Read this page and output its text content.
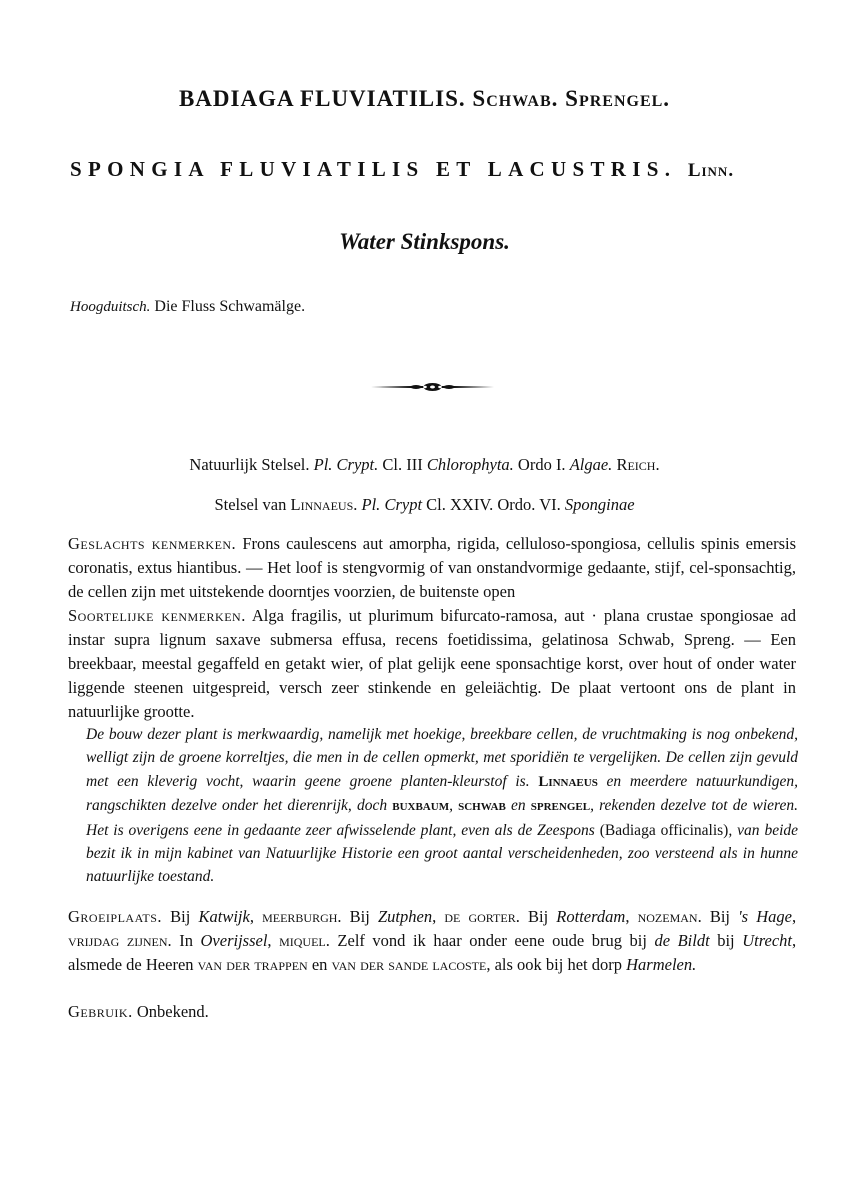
BADIAGA FLUVIATILIS. Schwab. Sprengel.
SPONGIA FLUVIATILIS ET LACUSTRIS. Linn.
Water Stinkspons.
Hoogduitsch. Die Fluss Schwamälge.
Natuurlijk Stelsel. Pl. Crypt. Cl. III Chlorophyta. Ordo I. Algae. Reich.
Stelsel van Linnaeus. Pl. Crypt Cl. XXIV. Ordo. VI. Sponginae
Geslachts kenmerken. Frons caulescens aut amorpha, rigida, celluloso-spongiosa, cellulis spinis emersis coronatis, extus hiantibus. — Het loof is stengvormig of van onstandvormige gedaante, stijf, cel-sponsachtig, de cellen zijn met uitstekende doorntjes voorzien, de buitenste open
Soortelijke kenmerken. Alga fragilis, ut plurimum bifurcato-ramosa, aut · plana crustae spongiosae ad instar supra lignum saxave submersa effusa, recens foetidissima, gelatinosa Schwab, Spreng. — Een breekbaar, meestal gegaffeld en getakt wier, of plat gelijk eene sponsachtige korst, over hout of onder water liggende steenen uitgespreid, versch zeer stinkende en geleiächtig. De plaat vertoont ons de plant in natuurlijke grootte.
De bouw dezer plant is merkwaardig, namelijk met hoekige, breekbare cellen, de vruchtmaking is nog onbekend, welligt zijn de groene korreltjes, die men in de cellen opmerkt, met sporidiën te vergelijken. De cellen zijn gevuld met een kleverig vocht, waarin geene groene planten-kleurstof is. Linnaeus en meerdere natuurkundigen, rangschikten dezelve onder het dierenrijk, doch buxbaum, schwab en sprengel, rekenden dezelve tot de wieren. Het is overigens eene in gedaante zeer afwisselende plant, even als de Zeespons (Badiaga officinalis), van beide bezit ik in mijn kabinet van Natuurlijke Historie een groot aantal verscheidenheden, zoo versteend als in hunne natuurlijke toestand.
Groeiplaats. Bij Katwijk, meerburgh. Bij Zutphen, de gorter. Bij Rotterdam, nozeman. Bij 's Hage, vrijdag zijnen. In Overijssel, miquel. Zelf vond ik haar onder eene oude brug bij de Bildt bij Utrecht, alsmede de Heeren van der trappen en van der sande lacoste, als ook bij het dorp Harmelen.
Gebruik. Onbekend.
